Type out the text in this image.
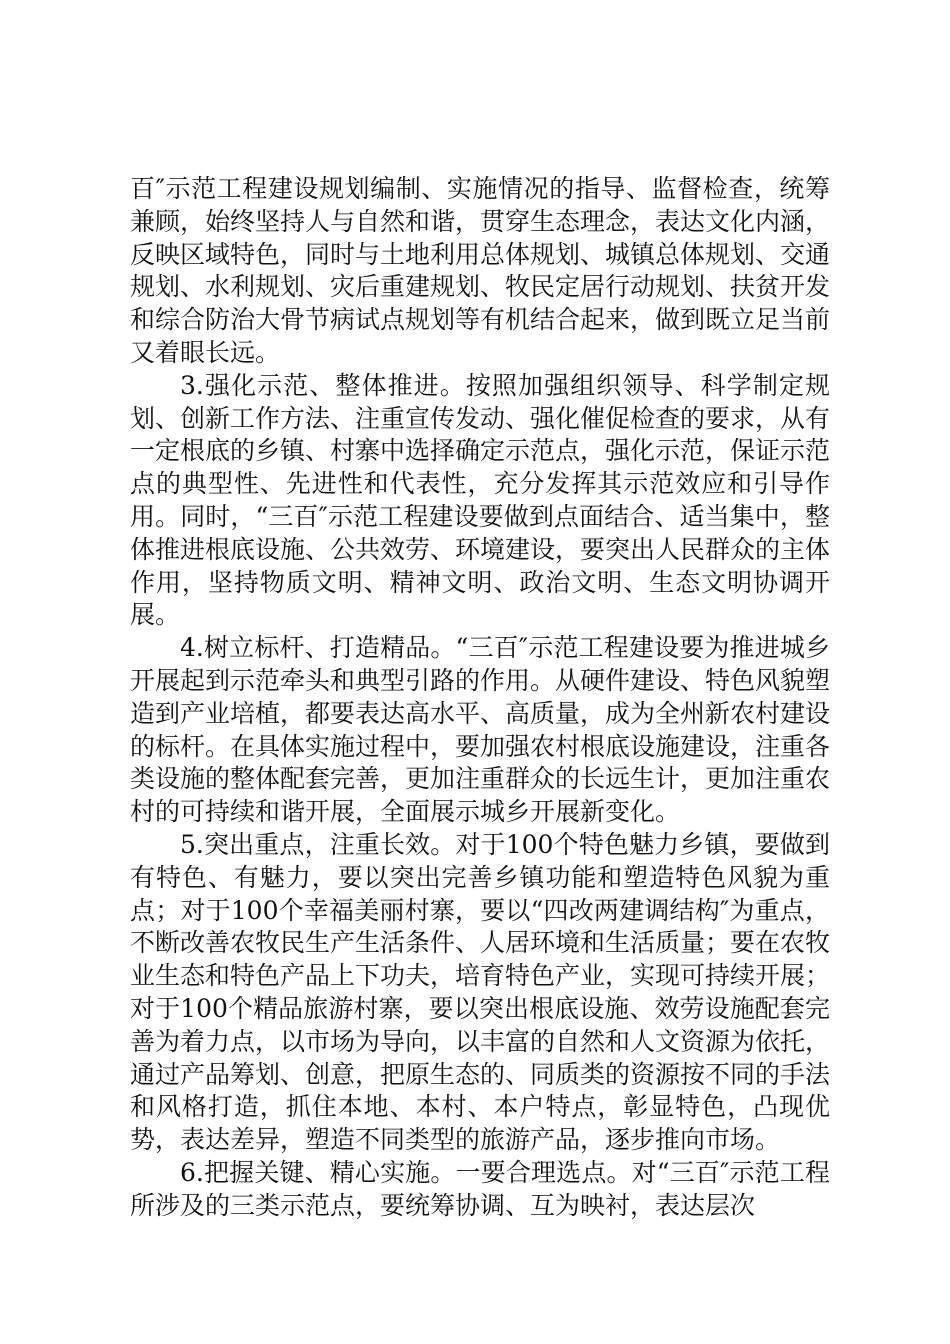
百″示范工程建设规划编制、实施情况的指导、监督检查，统筹兼顾，始终坚持人与自然和谐，贯穿生态理念，表达文化内涵，反映区域特色，同时与土地利用总体规划、城镇总体规划、交通规划、水利规划、灾后重建规划、牧民定居行动规划、扶贫开发和综合防治大骨节病试点规划等有机结合起来，做到既立足当前又着眼长远。

3.强化示范、整体推进。按照加强组织领导、科学制定规划、创新工作方法、注重宣传发动、强化催促检查的要求，从有一定根底的乡镇、村寨中选择确定示范点，强化示范，保证示范点的典型性、先进性和代表性，充分发挥其示范效应和引导作用。同时，“三百″示范工程建设要做到点面结合、适当集中，整体推进根底设施、公共效劳、环境建设，要突出人民群众的主体作用，坚持物质文明、精神文明、政治文明、生态文明协调开展。

4.树立标杆、打造精品。“三百″示范工程建设要为推进城乡开展起到示范牵头和典型引路的作用。从硬件建设、特色风貌塑造到产业培植，都要表达高水平、高质量，成为全州新农村建设的标杆。在具体实施过程中，要加强农村根底设施建设，注重各类设施的整体配套完善，更加注重群众的长远生计，更加注重农村的可持续和谐开展，全面展示城乡开展新变化。

5.突出重点，注重长效。对于100个特色魅力乡镇，要做到有特色、有魅力，要以突出完善乡镇功能和塑造特色风貌为重点；对于100个幸福美丽村寨，要以“四改两建调结构″为重点，不断改善农牧民生产生活条件、人居环境和生活质量；要在农牧业生态和特色产品上下功夫，培育特色产业，实现可持续开展；对于100个精品旅游村寨，要以突出根底设施、效劳设施配套完善为着力点，以市场为导向，以丰富的自然和人文资源为依托，通过产品筹划、创意，把原生态的、同质类的资源按不同的手法和风格打造，抓住本地、本村、本户特点，彰显特色，凸现优势，表达差异，塑造不同类型的旅游产品，逐步推向市场。

6.把握关键、精心实施。一要合理选点。对“三百″示范工程所涉及的三类示范点，要统筹协调、互为映衬，表达层次
